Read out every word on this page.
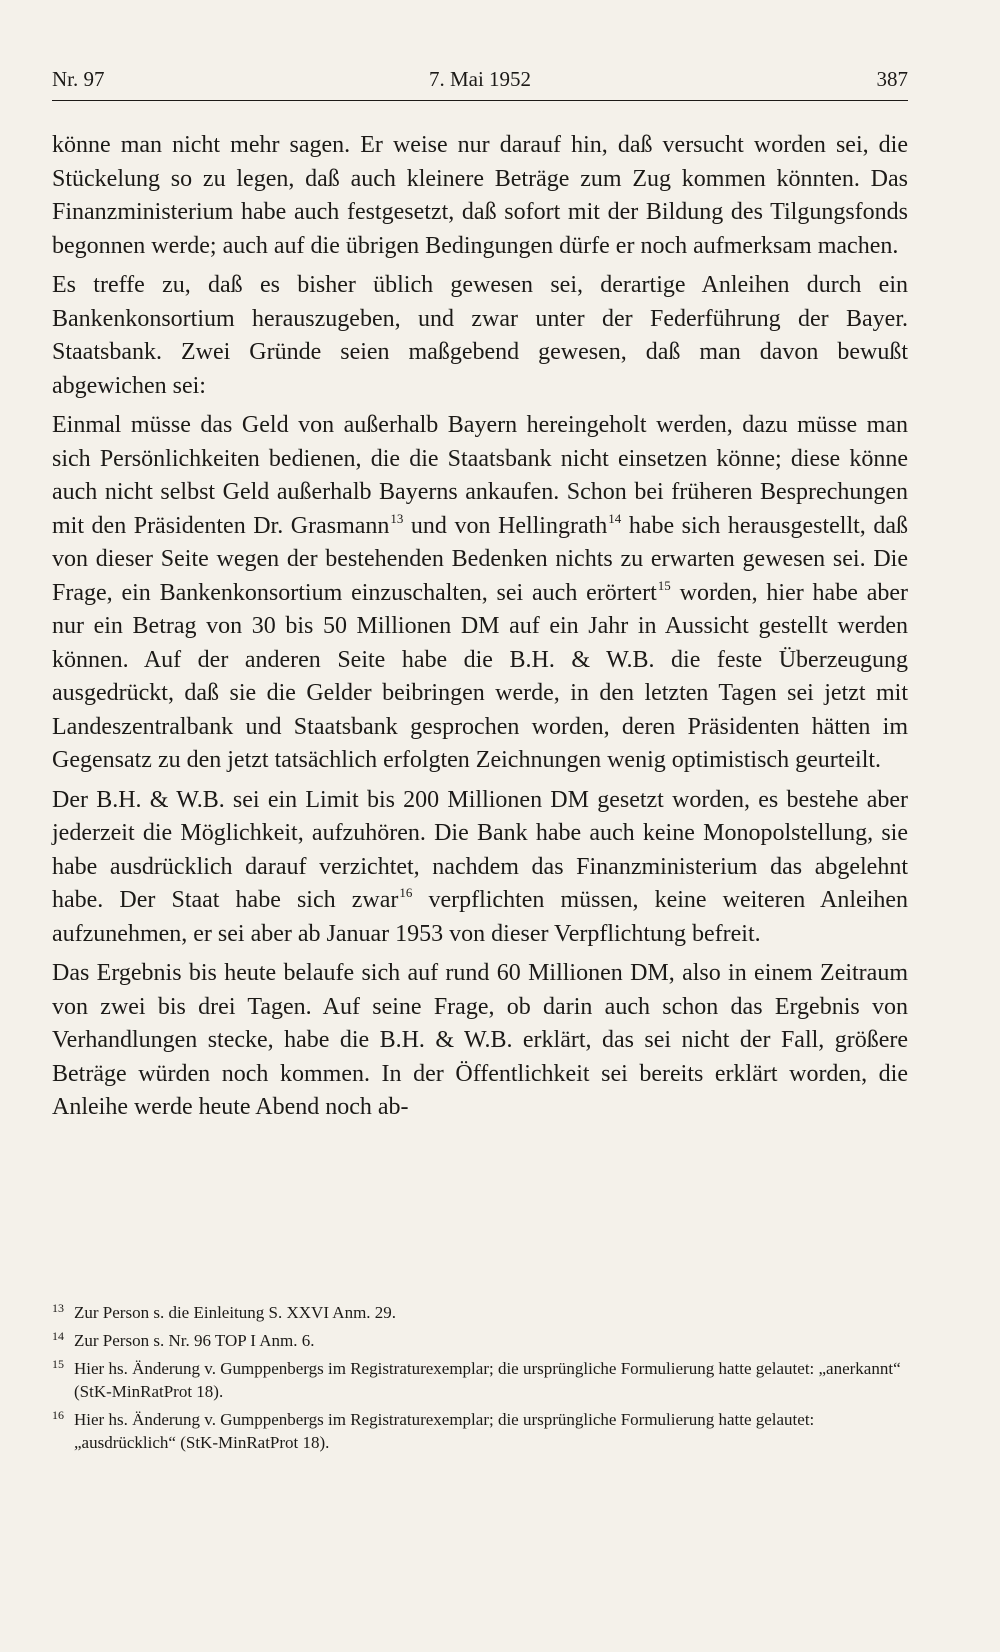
Nr. 97	7. Mai 1952	387

könne man nicht mehr sagen. Er weise nur darauf hin, daß versucht worden sei, die Stückelung so zu legen, daß auch kleinere Beträge zum Zug kommen könnten. Das Finanzministerium habe auch festgesetzt, daß sofort mit der Bildung des Tilgungsfonds begonnen werde; auch auf die übrigen Bedingungen dürfe er noch aufmerksam machen.

Es treffe zu, daß es bisher üblich gewesen sei, derartige Anleihen durch ein Bankenkonsortium herauszugeben, und zwar unter der Federführung der Bayer. Staatsbank. Zwei Gründe seien maßgebend gewesen, daß man davon bewußt abgewichen sei:

Einmal müsse das Geld von außerhalb Bayern hereingeholt werden, dazu müsse man sich Persönlichkeiten bedienen, die die Staatsbank nicht einsetzen könne; diese könne auch nicht selbst Geld außerhalb Bayerns ankaufen. Schon bei früheren Besprechungen mit den Präsidenten Dr. Grasmann$^{13}$ und von Hellingrath$^{14}$ habe sich herausgestellt, daß von dieser Seite wegen der bestehenden Bedenken nichts zu erwarten gewesen sei. Die Frage, ein Bankenkonsortium einzuschalten, sei auch erörtert$^{15}$ worden, hier habe aber nur ein Betrag von 30 bis 50 Millionen DM auf ein Jahr in Aussicht gestellt werden können. Auf der anderen Seite habe die B.H. & W.B. die feste Überzeugung ausgedrückt, daß sie die Gelder beibringen werde, in den letzten Tagen sei jetzt mit Landeszentralbank und Staatsbank gesprochen worden, deren Präsidenten hätten im Gegensatz zu den jetzt tatsächlich erfolgten Zeichnungen wenig optimistisch geurteilt.

Der B.H. & W.B. sei ein Limit bis 200 Millionen DM gesetzt worden, es bestehe aber jederzeit die Möglichkeit, aufzuhören. Die Bank habe auch keine Monopolstellung, sie habe ausdrücklich darauf verzichtet, nachdem das Finanzministerium das abgelehnt habe. Der Staat habe sich zwar$^{16}$ verpflichten müssen, keine weiteren Anleihen aufzunehmen, er sei aber ab Januar 1953 von dieser Verpflichtung befreit.

Das Ergebnis bis heute belaufe sich auf rund 60 Millionen DM, also in einem Zeitraum von zwei bis drei Tagen. Auf seine Frage, ob darin auch schon das Ergebnis von Verhandlungen stecke, habe die B.H. & W.B. erklärt, das sei nicht der Fall, größere Beträge würden noch kommen. In der Öffentlichkeit sei bereits erklärt worden, die Anleihe werde heute Abend noch ab-

13 Zur Person s. die Einleitung S. XXVI Anm. 29.
14 Zur Person s. Nr. 96 TOP I Anm. 6.
15 Hier hs. Änderung v. Gumppenbergs im Registraturexemplar; die ursprüngliche Formulierung hatte gelautet: „anerkannt“ (StK-MinRatProt 18).
16 Hier hs. Änderung v. Gumppenbergs im Registraturexemplar; die ursprüngliche Formulierung hatte gelautet: „ausdrücklich“ (StK-MinRatProt 18).
